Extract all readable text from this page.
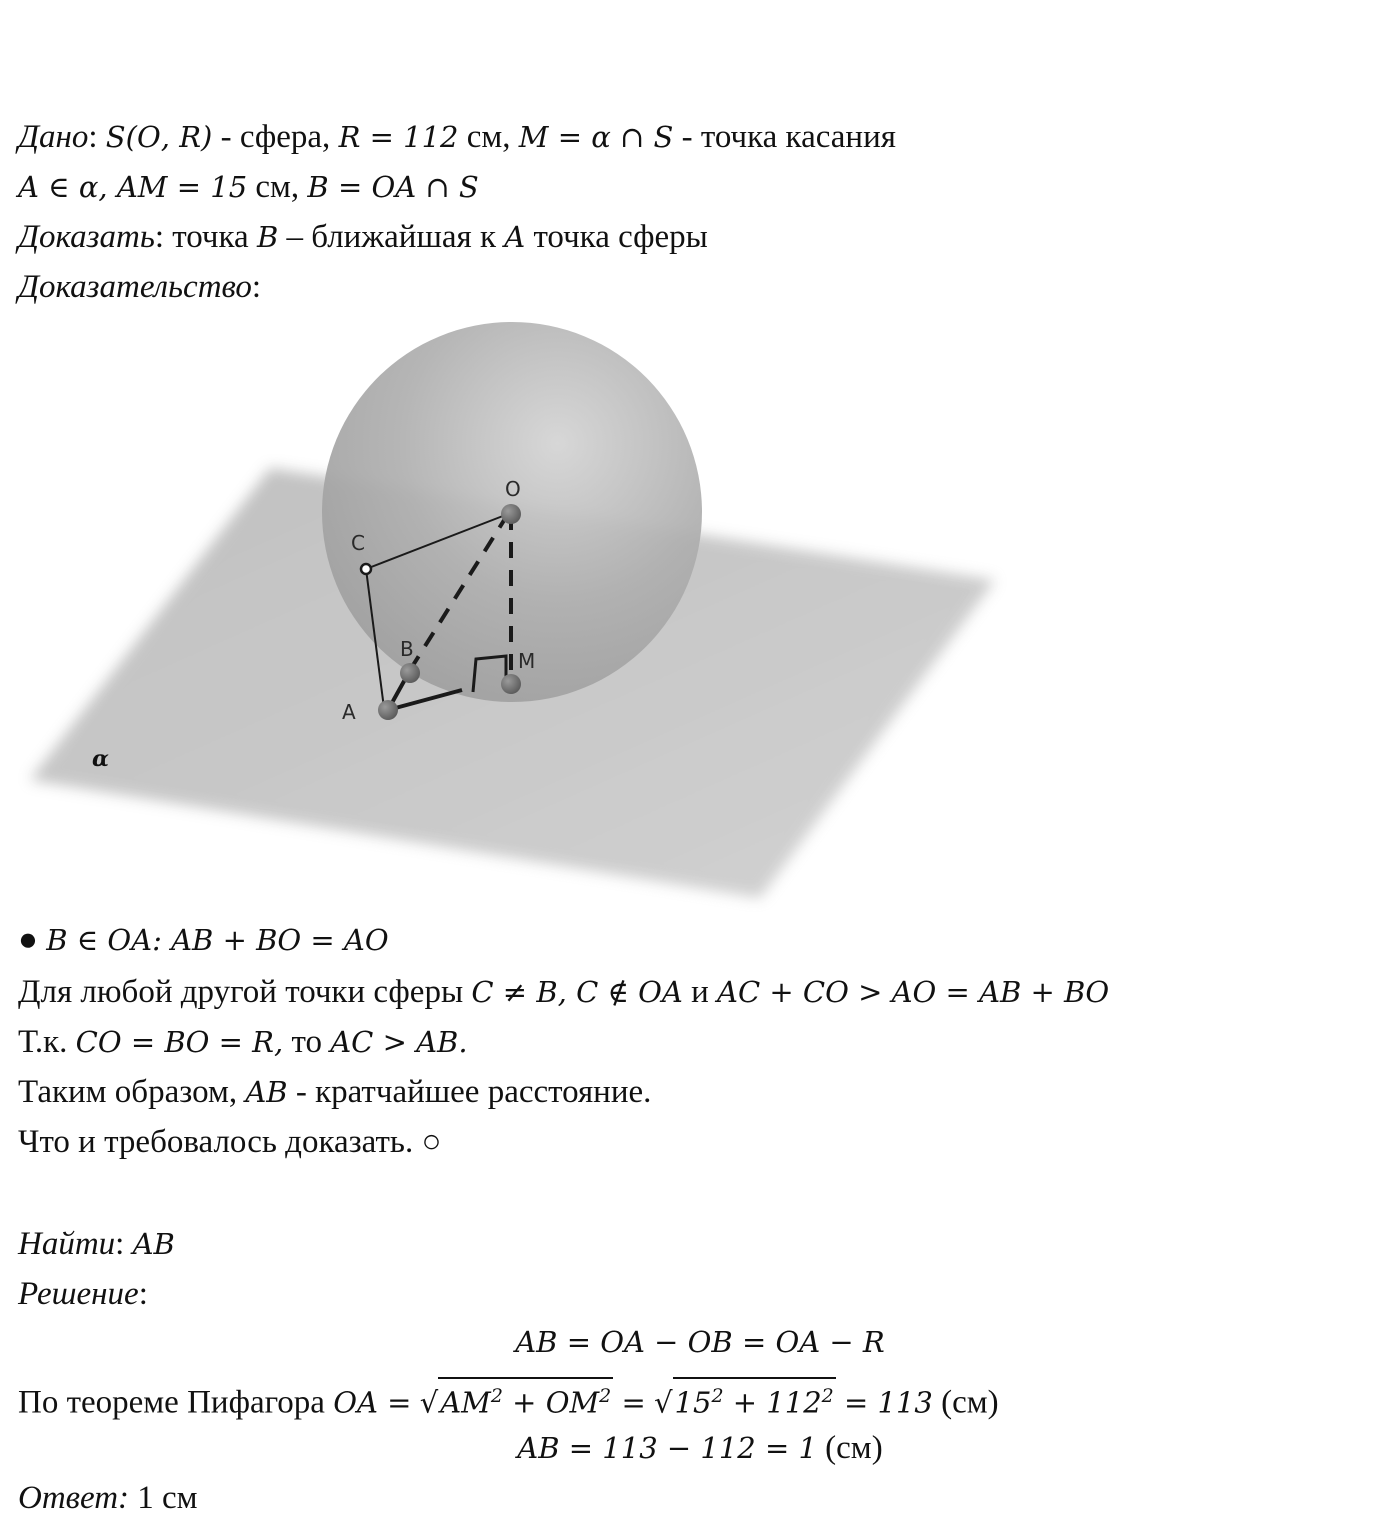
Дано: 𝑆(𝑂, 𝑅) - сфера, 𝑅 = 112 см, 𝑀 = 𝛼 ∩ 𝑆 - точка касания
𝐴 ∈ 𝛼, 𝐴𝑀 = 15 см, 𝐵 = 𝑂𝐴 ∩ 𝑆
Доказать: точка 𝐵 – ближайшая к 𝐴 точка сферы
Доказательство:
α
O
C
B	M
A
● 𝐵 ∈ 𝑂𝐴: 𝐴𝐵 + 𝐵𝑂 = 𝐴𝑂
Для любой другой точки сферы 𝐶 ≠ 𝐵, 𝐶 ∉ 𝑂𝐴 и 𝐴𝐶 + 𝐶𝑂 > 𝐴𝑂 = 𝐴𝐵 + 𝐵𝑂
Т.к. 𝐶𝑂 = 𝐵𝑂 = 𝑅, то 𝐴𝐶 > 𝐴𝐵.
Таким образом, 𝐴𝐵 - кратчайшее расстояние.
Что и требовалось доказать. ○
Найти: 𝐴𝐵
Решение:
𝐴𝐵 = 𝑂𝐴 − 𝑂𝐵 = 𝑂𝐴 − 𝑅
По теореме Пифагора 𝑂𝐴 = √𝐴𝑀$^2$ + 𝑂𝑀$^2$ = $√15^2 + 112^2 = 113$ (см)
𝐴𝐵 = 113 − 112 = 1 (см)
Ответ: 1 см
